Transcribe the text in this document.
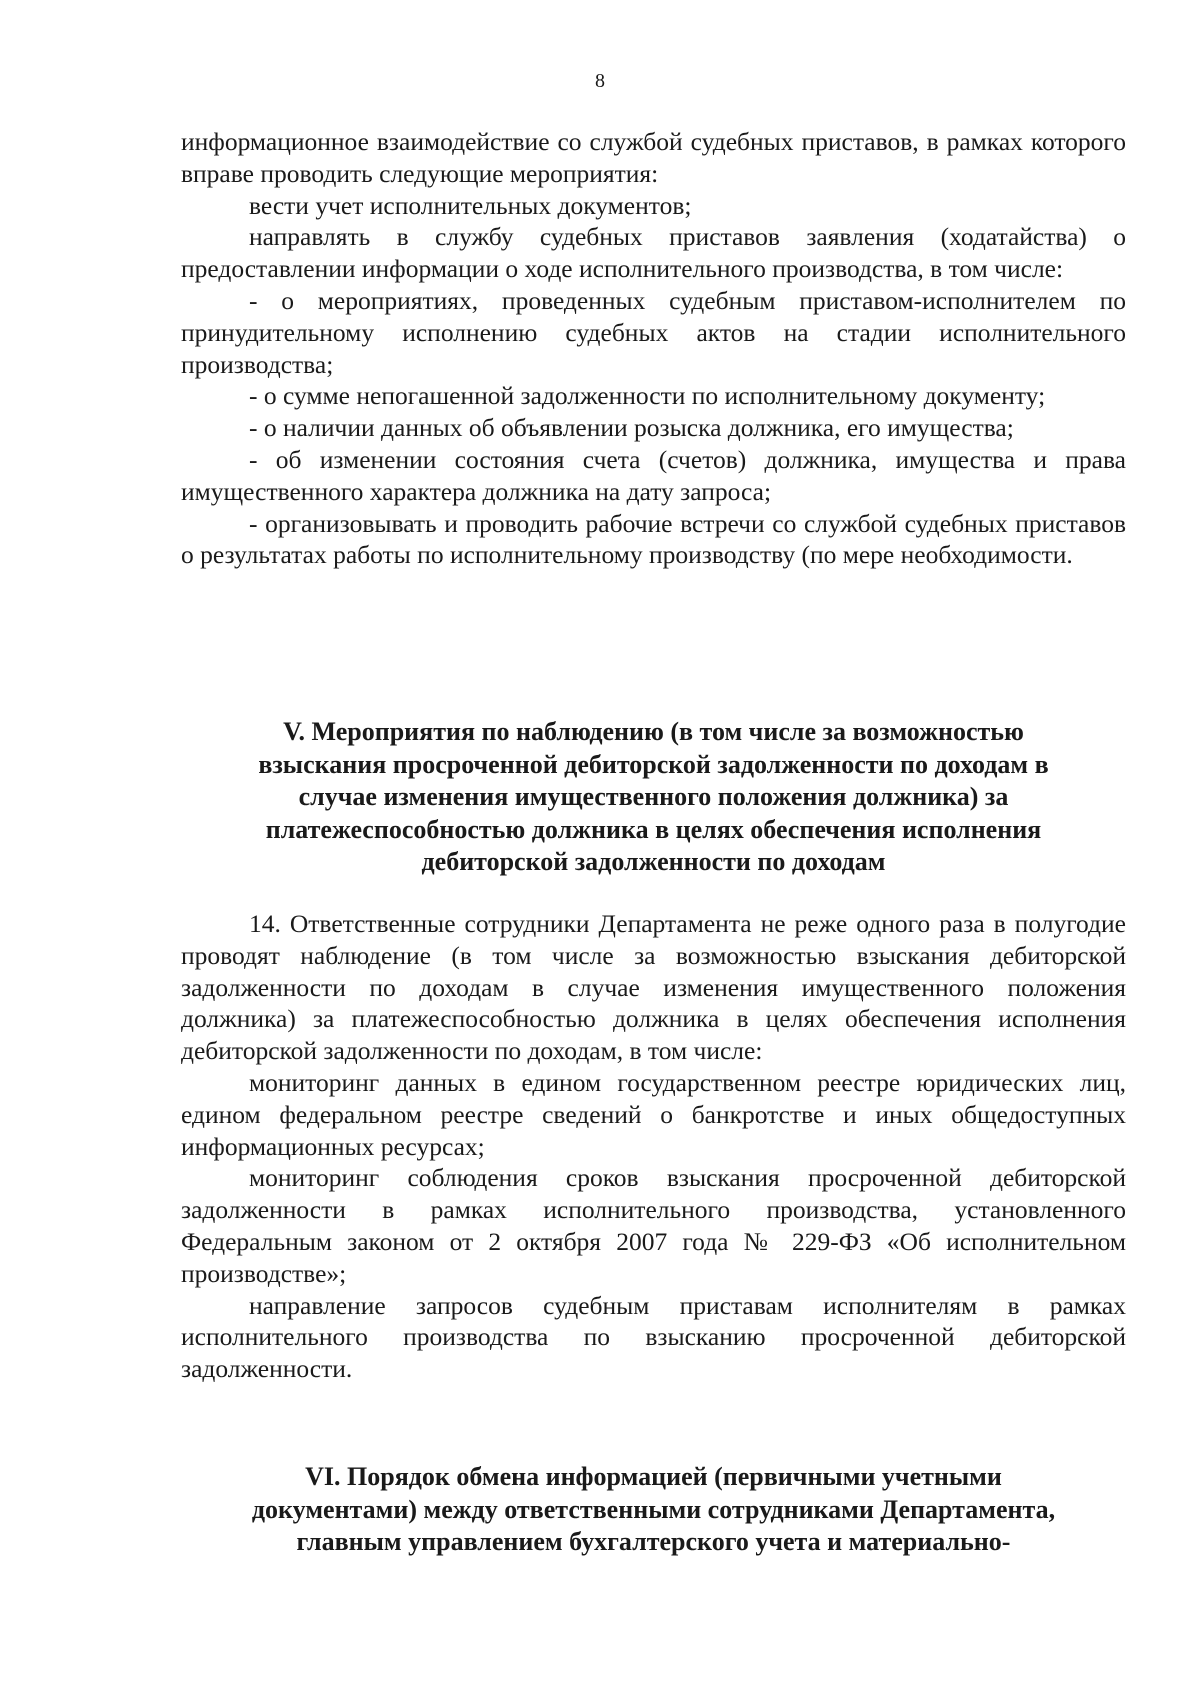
8

информационное взаимодействие со службой судебных приставов, в рамках которого вправе проводить следующие мероприятия:

вести учет исполнительных документов;

направлять в службу судебных приставов заявления (ходатайства) о предоставлении информации о ходе исполнительного производства, в том числе:

- о мероприятиях, проведенных судебным приставом-исполнителем по принудительному исполнению судебных актов на стадии исполнительного производства;

- о сумме непогашенной задолженности по исполнительному документу;

- о наличии данных об объявлении розыска должника, его имущества;

- об изменении состояния счета (счетов) должника, имущества и права имущественного характера должника на дату запроса;

- организовывать и проводить рабочие встречи со службой судебных приставов о результатах работы по исполнительному производству (по мере необходимости.

V. Мероприятия по наблюдению (в том числе за возможностью

взыскания просроченной дебиторской задолженности по доходам в

случае изменения имущественного положения должника) за

платежеспособностью должника в целях обеспечения исполнения

дебиторской задолженности по доходам

14. Ответственные сотрудники Департамента не реже одного раза в полугодие проводят наблюдение (в том числе за возможностью взыскания дебиторской задолженности по доходам в случае изменения имущественного положения должника) за платежеспособностью должника в целях обеспечения исполнения дебиторской задолженности по доходам, в том числе:

мониторинг данных в едином государственном реестре юридических лиц, едином федеральном реестре сведений о банкротстве и иных общедоступных информационных ресурсах;

мониторинг соблюдения сроков взыскания просроченной дебиторской задолженности в рамках исполнительного производства, установленного Федеральным законом от 2 октября 2007 года № 229-ФЗ «Об исполнительном производстве»;

направление запросов судебным приставам исполнителям в рамках исполнительного производства по взысканию просроченной дебиторской задолженности.

VI. Порядок обмена информацией (первичными учетными

документами) между ответственными сотрудниками Департамента,

главным управлением бухгалтерского учета и материально-
